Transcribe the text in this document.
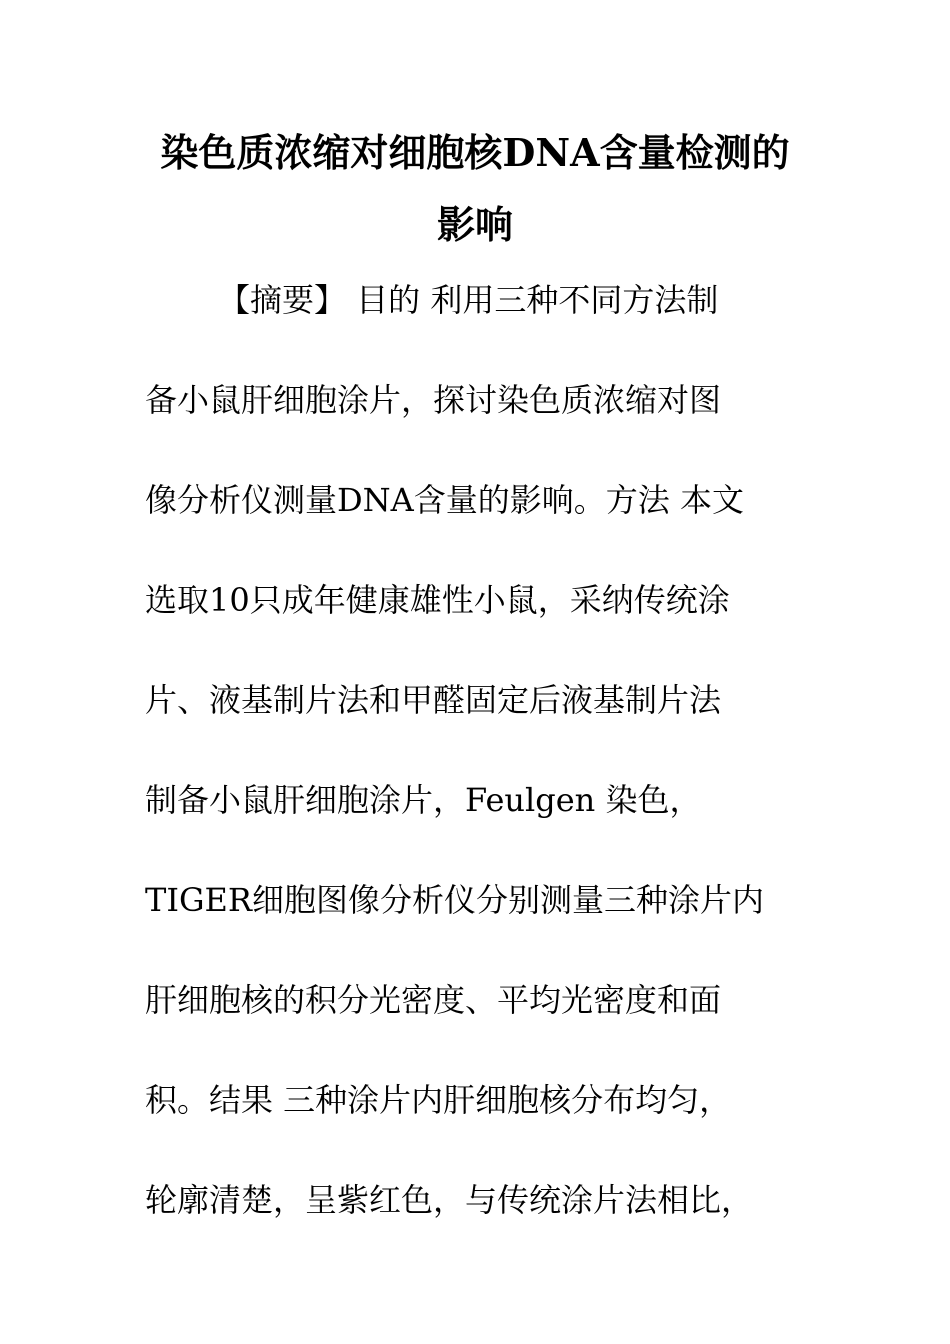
染色质浓缩对细胞核DNA含量检测的
影响
【摘要】 目的 利用三种不同方法制
备小鼠肝细胞涂片，探讨染色质浓缩对图
像分析仪测量DNA含量的影响。方法 本文
选取10只成年健康雄性小鼠，采纳传统涂
片、液基制片法和甲醛固定后液基制片法
制备小鼠肝细胞涂片，Feulgen 染色，
TIGER细胞图像分析仪分别测量三种涂片内
肝细胞核的积分光密度、平均光密度和面
积。结果 三种涂片内肝细胞核分布均匀，
轮廓清楚，呈紫红色，与传统涂片法相比，
